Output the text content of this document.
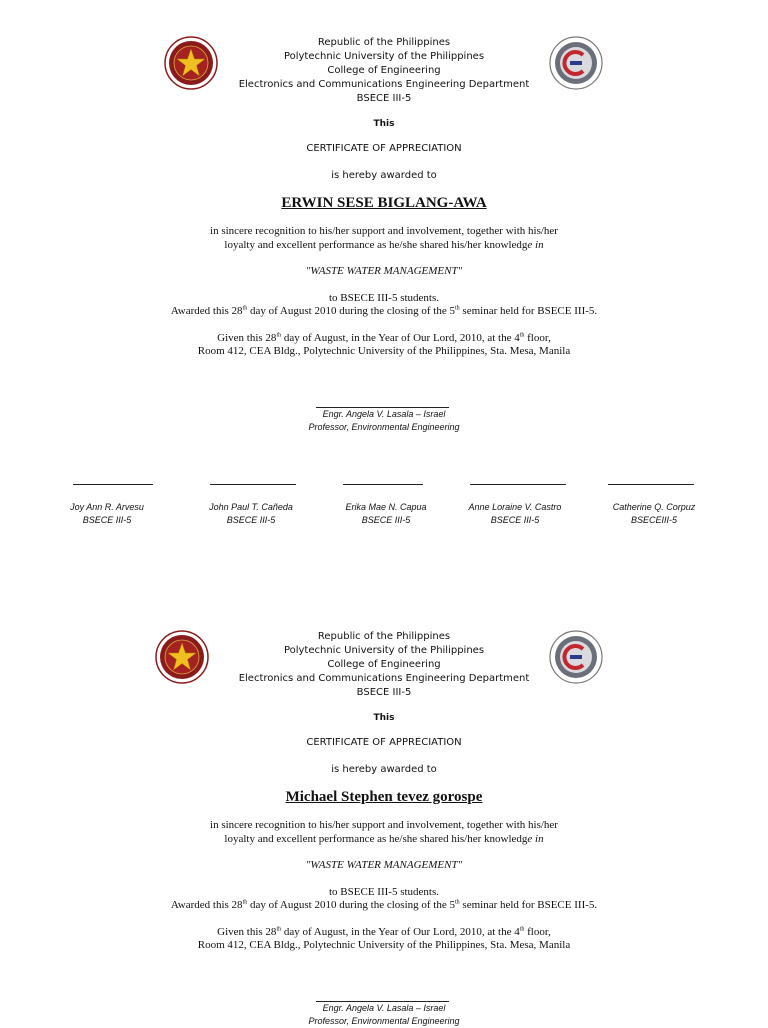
Republic of the Philippines
Polytechnic University of the Philippines
College of Engineering
Electronics and Communications Engineering Department
BSECE III-5
This
CERTIFICATE OF APPRECIATION
is hereby awarded to
ERWIN SESE BIGLANG-AWA
in sincere recognition to his/her support and involvement, together with his/her
loyalty and excellent performance as he/she shared his/her knowledge in
"WASTE WATER MANAGEMENT"
to BSECE III-5 students.
Awarded this 28th day of August 2010 during the closing of the 5th seminar held for BSECE III-5.
Given this 28th day of August, in the Year of Our Lord, 2010, at the 4th floor,
Room 412, CEA Bldg., Polytechnic University of the Philippines, Sta. Mesa, Manila
Engr. Angela V. Lasala – Israel
Professor, Environmental Engineering
Joy Ann R. Arvesu
BSECE III-5
John Paul T. Cañeda
BSECE III-5
Erika Mae N. Capua
BSECE III-5
Anne Loraine V. Castro
BSECE III-5
Catherine Q. Corpuz
BSECEIII-5
Republic of the Philippines
Polytechnic University of the Philippines
College of Engineering
Electronics and Communications Engineering Department
BSECE III-5
This
CERTIFICATE OF APPRECIATION
is hereby awarded to
Michael Stephen tevez gorospe
in sincere recognition to his/her support and involvement, together with his/her
loyalty and excellent performance as he/she shared his/her knowledge in
"WASTE WATER MANAGEMENT"
to BSECE III-5 students.
Awarded this 28th day of August 2010 during the closing of the 5th seminar held for BSECE III-5.
Given this 28th day of August, in the Year of Our Lord, 2010, at the 4th floor,
Room 412, CEA Bldg., Polytechnic University of the Philippines, Sta. Mesa, Manila
Engr. Angela V. Lasala – Israel
Professor, Environmental Engineering
